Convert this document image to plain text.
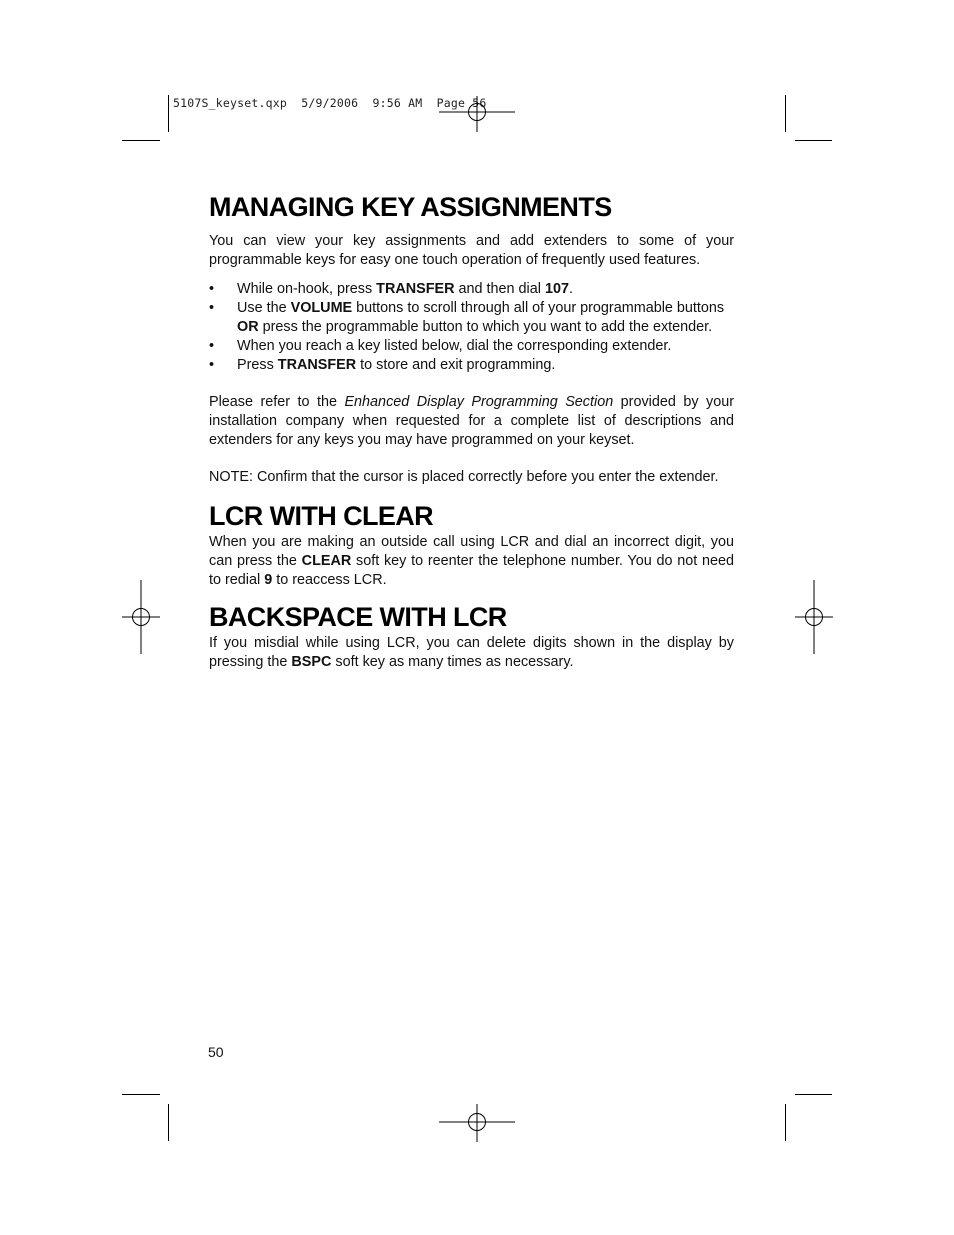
5107S_keyset.qxp  5/9/2006  9:56 AM  Page 56
MANAGING KEY ASSIGNMENTS

You can view your key assignments and add extenders to some of your programmable keys for easy one touch operation of frequently used features.

• While on-hook, press TRANSFER and then dial 107.
• Use the VOLUME buttons to scroll through all of your programmable buttons OR press the programmable button to which you want to add the extender.
• When you reach a key listed below, dial the corresponding extender.
• Press TRANSFER to store and exit programming.

Please refer to the Enhanced Display Programming Section provided by your installation company when requested for a complete list of descriptions and extenders for any keys you may have programmed on your keyset.

NOTE: Confirm that the cursor is placed correctly before you enter the extender.

LCR WITH CLEAR

When you are making an outside call using LCR and dial an incorrect digit, you can press the CLEAR soft key to reenter the telephone number. You do not need to redial 9 to reaccess LCR.

BACKSPACE WITH LCR

If you misdial while using LCR, you can delete digits shown in the display by pressing the BSPC soft key as many times as necessary.

50
